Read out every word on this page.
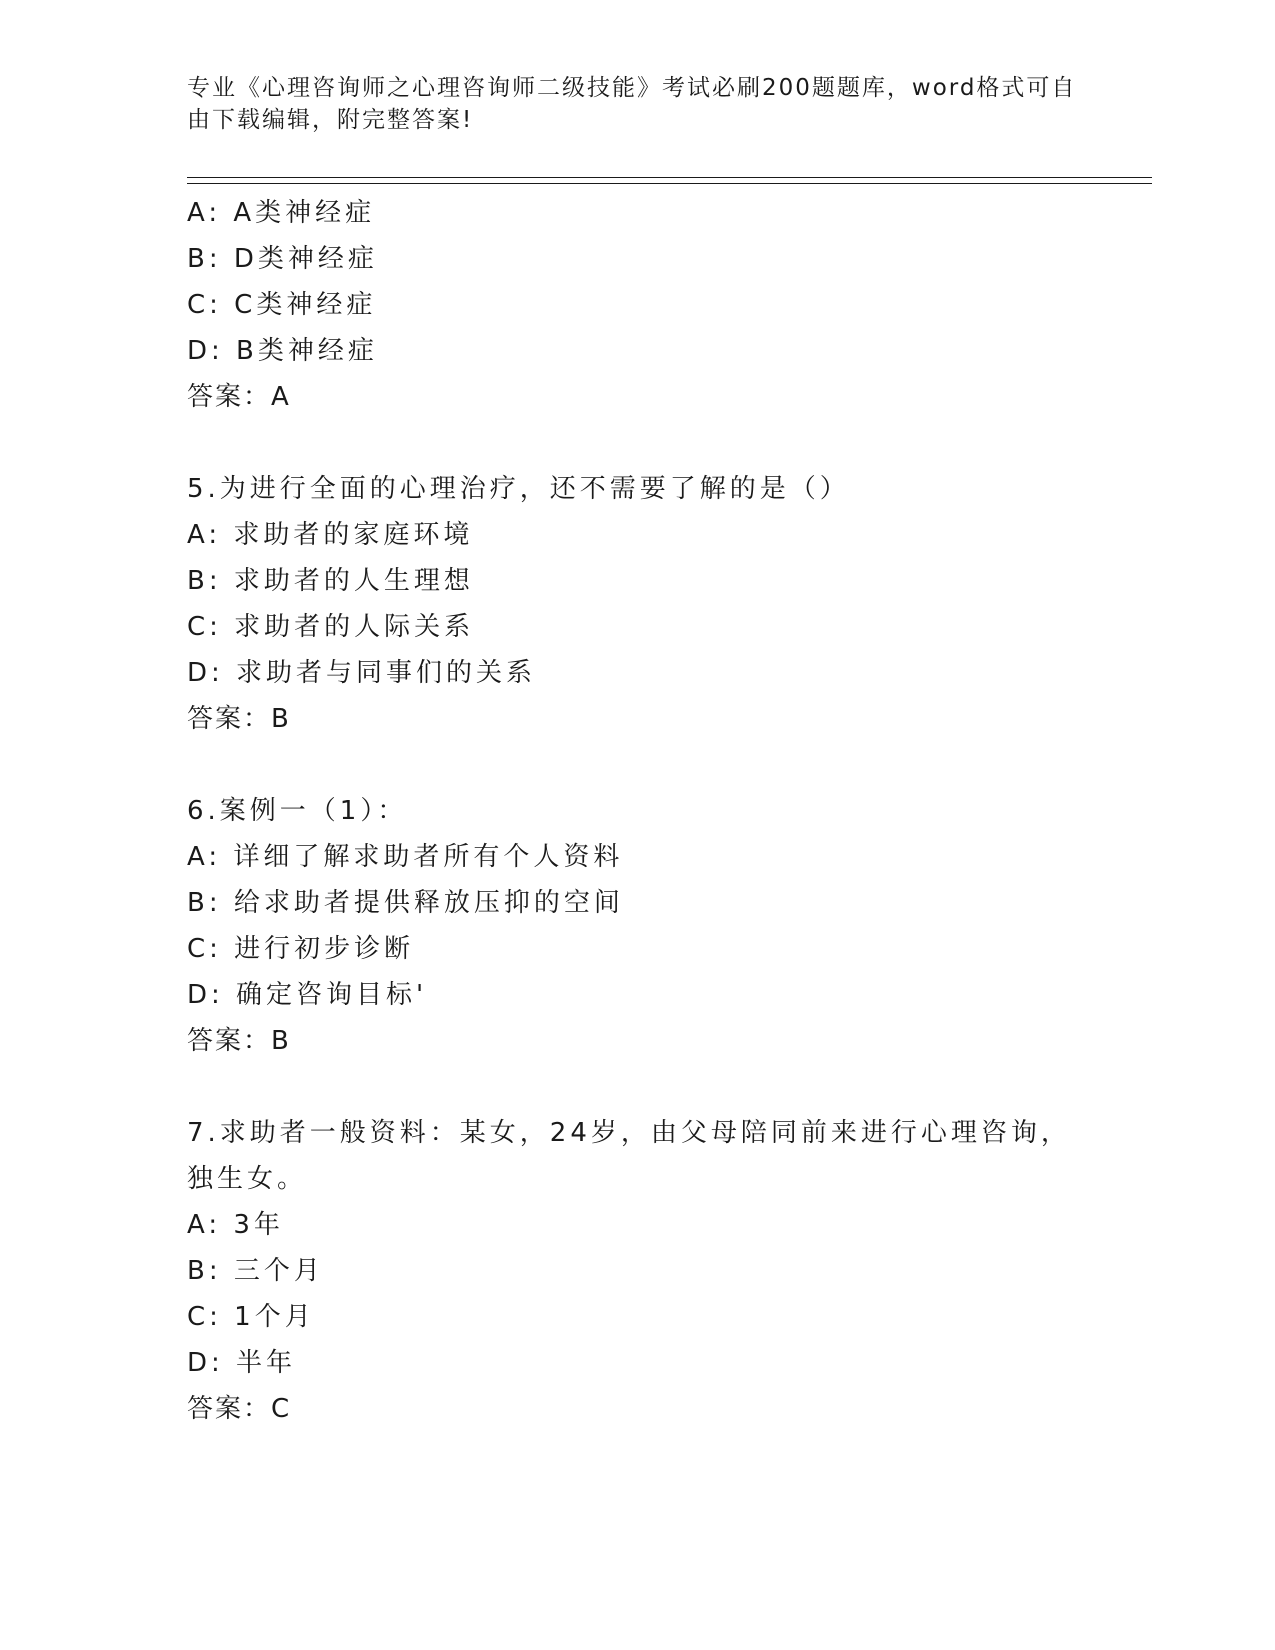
专业《心理咨询师之心理咨询师二级技能》考试必刷200题题库，word格式可自由下载编辑，附完整答案!
A: A类神经症
B: D类神经症
C: C类神经症
D: B类神经症
答案：A
5.为进行全面的心理治疗，还不需要了解的是（）
A: 求助者的家庭环境
B: 求助者的人生理想
C: 求助者的人际关系
D: 求助者与同事们的关系
答案：B
6.案例一（1）：
A: 详细了解求助者所有个人资料
B: 给求助者提供释放压抑的空间
C: 进行初步诊断
D: 确定咨询目标'
答案：B
7.求助者一般资料：某女，24岁，由父母陪同前来进行心理咨询，独生女。
A: 3年
B: 三个月
C: 1个月
D: 半年
答案：C
